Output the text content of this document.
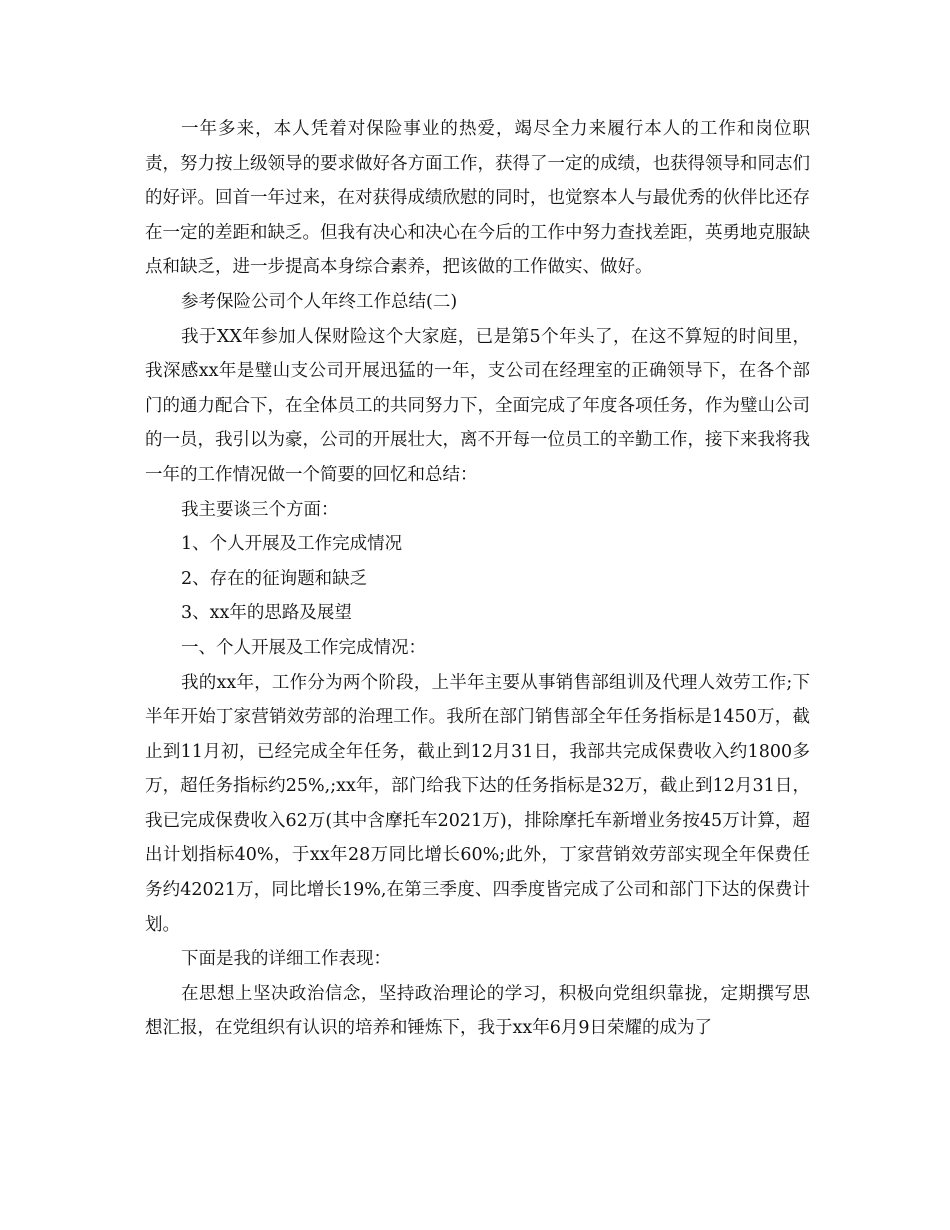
一年多来，本人凭着对保险事业的热爱，竭尽全力来履行本人的工作和岗位职责，努力按上级领导的要求做好各方面工作，获得了一定的成绩，也获得领导和同志们的好评。回首一年过来，在对获得成绩欣慰的同时，也觉察本人与最优秀的伙伴比还存在一定的差距和缺乏。但我有决心和决心在今后的工作中努力查找差距，英勇地克服缺点和缺乏，进一步提高本身综合素养，把该做的工作做实、做好。

参考保险公司个人年终工作总结(二)

我于XX年参加人保财险这个大家庭，已是第5个年头了，在这不算短的时间里，我深感xx年是璧山支公司开展迅猛的一年，支公司在经理室的正确领导下，在各个部门的通力配合下，在全体员工的共同努力下，全面完成了年度各项任务，作为璧山公司的一员，我引以为豪，公司的开展壮大，离不开每一位员工的辛勤工作，接下来我将我一年的工作情况做一个简要的回忆和总结：

我主要谈三个方面：

1、个人开展及工作完成情况

2、存在的征询题和缺乏

3、xx年的思路及展望

一、个人开展及工作完成情况：

我的xx年，工作分为两个阶段，上半年主要从事销售部组训及代理人效劳工作;下半年开始丁家营销效劳部的治理工作。我所在部门销售部全年任务指标是1450万，截止到11月初，已经完成全年任务，截止到12月31日，我部共完成保费收入约1800多万，超任务指标约25%,;xx年，部门给我下达的任务指标是32万，截止到12月31日，我已完成保费收入62万(其中含摩托车2021万)，排除摩托车新增业务按45万计算，超出计划指标40%，于xx年28万同比增长60%;此外，丁家营销效劳部实现全年保费任务约42021万，同比增长19%,在第三季度、四季度皆完成了公司和部门下达的保费计划。

下面是我的详细工作表现：

在思想上坚决政治信念，坚持政治理论的学习，积极向党组织靠拢，定期撰写思想汇报，在党组织有认识的培养和锤炼下，我于xx年6月9日荣耀的成为了
